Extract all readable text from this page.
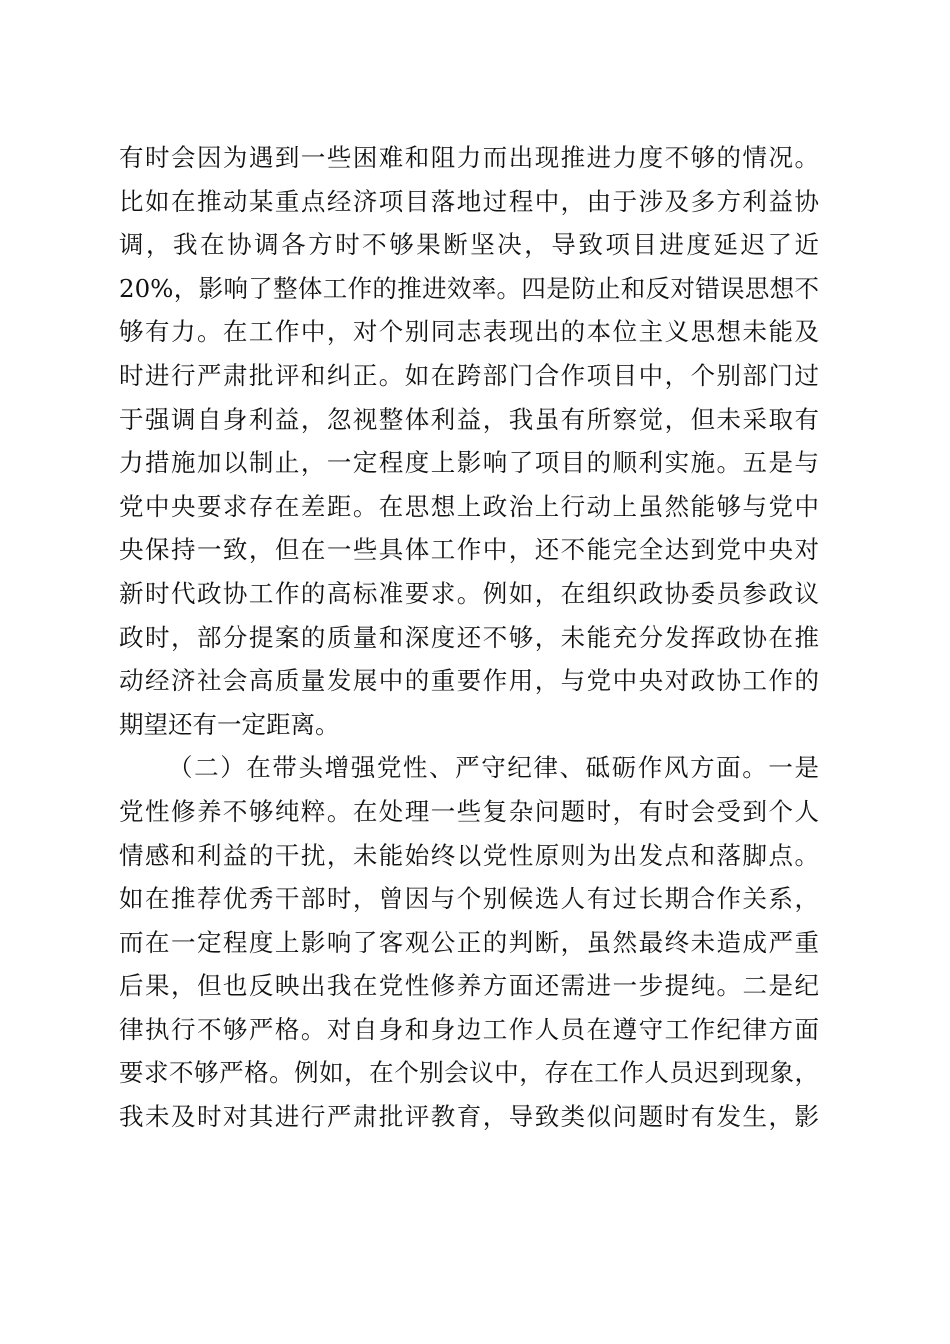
有时会因为遇到一些困难和阻力而出现推进力度不够的情况。
比如在推动某重点经济项目落地过程中，由于涉及多方利益协
调，我在协调各方时不够果断坚决，导致项目进度延迟了近
20%，影响了整体工作的推进效率。四是防止和反对错误思想不
够有力。在工作中，对个别同志表现出的本位主义思想未能及
时进行严肃批评和纠正。如在跨部门合作项目中，个别部门过
于强调自身利益，忽视整体利益，我虽有所察觉，但未采取有
力措施加以制止，一定程度上影响了项目的顺利实施。五是与
党中央要求存在差距。在思想上政治上行动上虽然能够与党中
央保持一致，但在一些具体工作中，还不能完全达到党中央对
新时代政协工作的高标准要求。例如，在组织政协委员参政议
政时，部分提案的质量和深度还不够，未能充分发挥政协在推
动经济社会高质量发展中的重要作用，与党中央对政协工作的
期望还有一定距离。
（二）在带头增强党性、严守纪律、砥砺作风方面。一是
党性修养不够纯粹。在处理一些复杂问题时，有时会受到个人
情感和利益的干扰，未能始终以党性原则为出发点和落脚点。
如在推荐优秀干部时，曾因与个别候选人有过长期合作关系，
而在一定程度上影响了客观公正的判断，虽然最终未造成严重
后果，但也反映出我在党性修养方面还需进一步提纯。二是纪
律执行不够严格。对自身和身边工作人员在遵守工作纪律方面
要求不够严格。例如，在个别会议中，存在工作人员迟到现象，
我未及时对其进行严肃批评教育，导致类似问题时有发生，影
